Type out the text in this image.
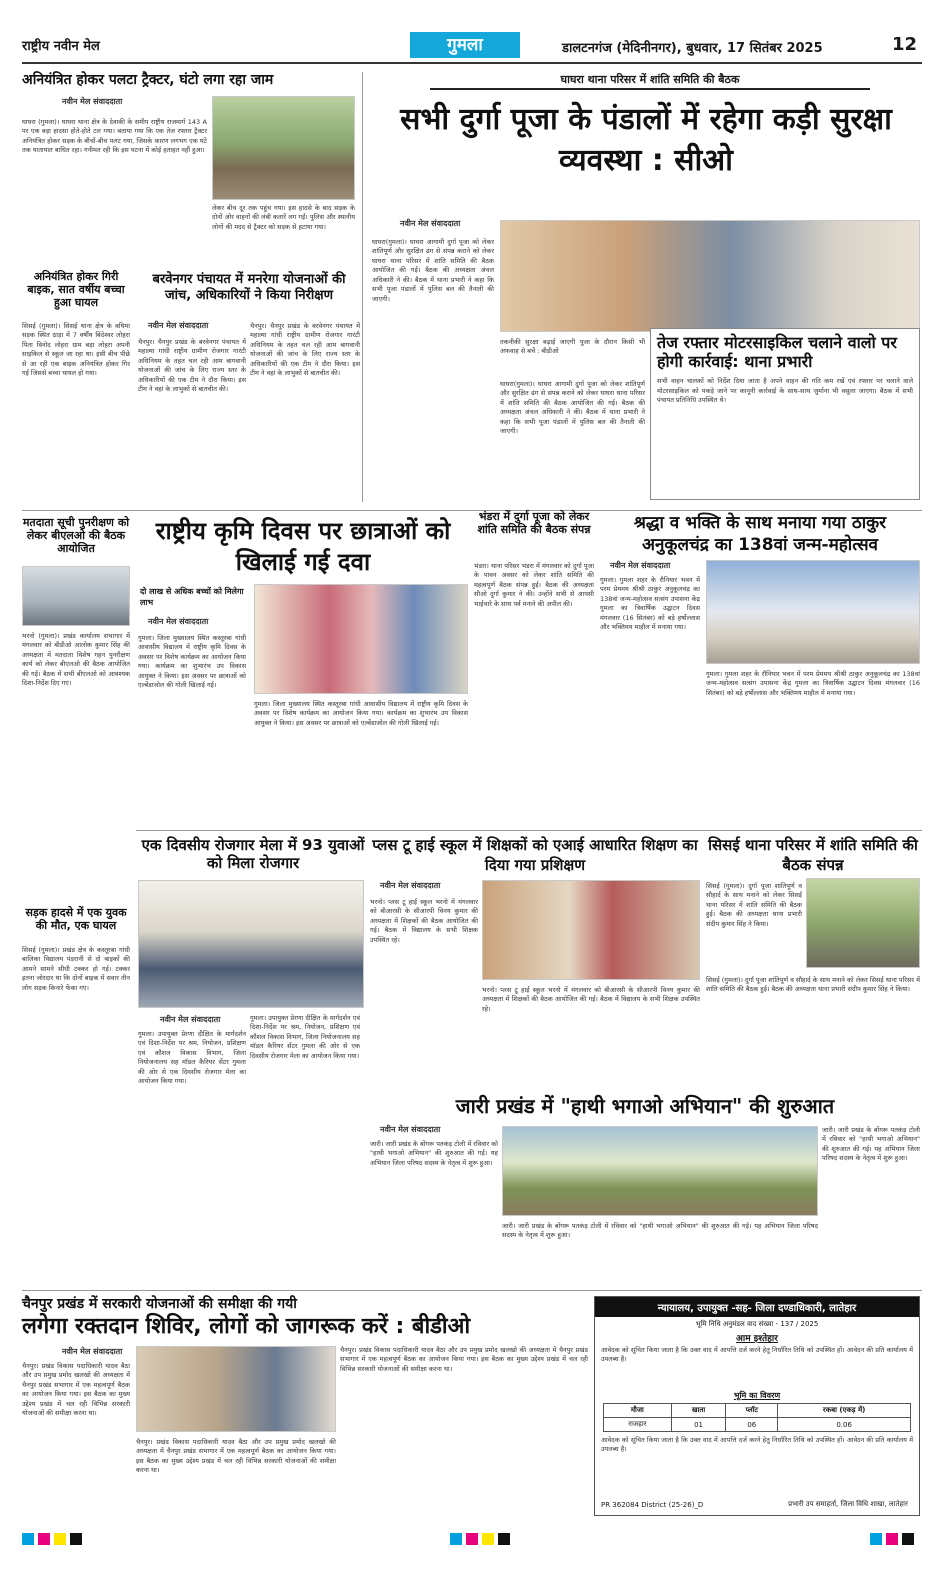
राष्ट्रीय नवीन मेल	गुमला	डालटनगंज (मेदिनीनगर), बुधवार, 17 सितंबर 2025	12
अनियंत्रित होकर पलटा ट्रैक्टर, घंटो लगा रहा जाम
नवीन मेल संवाददाता
घाघरा (गुमला)। घाघरा थाना क्षेत्र के देवाकी के समीप राष्ट्रीय राजमार्ग 143 A पर एक बड़ा हादसा होते-होते टल गया। बताया गया कि एक तेज रफ्तार ट्रैक्टर अनियंत्रित होकर सड़क के बीचों-बीच पलट गया, जिसके कारण लगभग एक घंटे तक यातायात बाधित रहा। गनीमत रही कि इस घटना में कोई हताहत नहीं हुआ।
लेकर बीच दूर तक पहुंच गया। इस हादसे के बाद सड़क के दोनों ओर वाहनों की लंबी कतारें लग गईं। पुलिस और स्थानीय लोगों की मदद से ट्रैक्टर को सड़क से हटाया गया।
घाघरा थाना परिसर में शांति समिति की बैठक
सभी दुर्गा पूजा के पंडालों में रहेगा कड़ी सुरक्षा व्यवस्था : सीओ
नवीन मेल संवाददाता
घाघरा(गुमला)। घाघरा आगामी दुर्गा पूजा को लेकर शांतिपूर्ण और सुरक्षित ढंग से संपन्न कराने को लेकर घाघरा थाना परिसर में शांति समिति की बैठक आयोजित की गई। बैठक की अध्यक्षता अंचल अधिकारी ने की। बैठक में थाना प्रभारी ने कहा कि सभी पूजा पंडालों में पुलिस बल की तैनाती की जाएगी।
तकनीकी सुरक्षा बढ़ाई जाएगी पूजा के दौरान किसी भी अफवाह से बचें : बीडीओ
घाघरा(गुमला)। घाघरा आगामी दुर्गा पूजा को लेकर शांतिपूर्ण और सुरक्षित ढंग से संपन्न कराने को लेकर घाघरा थाना परिसर में शांति समिति की बैठक आयोजित की गई। बैठक की अध्यक्षता अंचल अधिकारी ने की। बैठक में थाना प्रभारी ने कहा कि सभी पूजा पंडालों में पुलिस बल की तैनाती की जाएगी।
तेज रफ्तार मोटरसाइकिल चलाने वालो पर होगी कार्रवाई: थाना प्रभारी
सभी वाहन चालकों को निर्देश दिया जाता है अपने वाहन की गति कम रखें एवं रफ्तार पर चलाने वाले मोटरसाइकिल को पकड़े जाने पर कानूनी कार्रवाई के साथ-साथ जुर्माना भी वसूला जाएगा। बैठक में सभी पंचायत प्रतिनिधि उपस्थित थे।
अनियंत्रित होकर गिरी बाइक, सात वर्षीय बच्चा हुआ घायल
सिसई (गुमला)। सिसई थाना क्षेत्र के बघिमा सड़क स्थित ठाड़ा में 7 वर्षीय बिंदेश्वर लोहरा पिता विनोद लोहरा ग्राम बड़ा लोहरा अपनी साइकिल से स्कूल जा रहा था। इसी बीच पीछे से आ रही एक बाइक अनियंत्रित होकर गिर गई जिससे बच्चा घायल हो गया।
बरवेनगर पंचायत में मनरेगा योजनाओं की जांच, अधिकारियों ने किया निरीक्षण
नवीन मेल संवाददाता
चैनपुर। चैनपुर प्रखंड के बरवेनगर पंचायत में महात्मा गांधी राष्ट्रीय ग्रामीण रोजगार गारंटी अधिनियम के तहत चल रही आम बागवानी योजनाओं की जांच के लिए राज्य स्तर के अधिकारियों की एक टीम ने दौरा किया। इस टीम ने वहां के लाभुकों से बातचीत की।
चैनपुर। चैनपुर प्रखंड के बरवेनगर पंचायत में महात्मा गांधी राष्ट्रीय ग्रामीण रोजगार गारंटी अधिनियम के तहत चल रही आम बागवानी योजनाओं की जांच के लिए राज्य स्तर के अधिकारियों की एक टीम ने दौरा किया। इस टीम ने वहां के लाभुकों से बातचीत की।
मतदाता सूची पुनरीक्षण को लेकर बीएलओ की बैठक आयोजित
भरनो (गुमला)। प्रखंड कार्यालय सभागार में मंगलवार को बीडीओ आलोक कुमार सिंह की अध्यक्षता में मतदाता विशेष गहन पुनरीक्षण कार्य को लेकर बीएलओ की बैठक आयोजित की गई। बैठक में सभी बीएलओ को आवश्यक दिशा-निर्देश दिए गए।
राष्ट्रीय कृमि दिवस पर छात्राओं को खिलाई गई दवा
दो लाख से अधिक बच्चों को मिलेगा लाभ
नवीन मेल संवाददाता
गुमला। जिला मुख्यालय स्थित कस्तूरबा गांधी आवासीय विद्यालय में राष्ट्रीय कृमि दिवस के अवसर पर विशेष कार्यक्रम का आयोजन किया गया। कार्यक्रम का शुभारंभ उप विकास आयुक्त ने किया। इस अवसर पर छात्राओं को एल्बेंडाजोल की गोली खिलाई गई।
गुमला। जिला मुख्यालय स्थित कस्तूरबा गांधी आवासीय विद्यालय में राष्ट्रीय कृमि दिवस के अवसर पर विशेष कार्यक्रम का आयोजन किया गया। कार्यक्रम का शुभारंभ उप विकास आयुक्त ने किया। इस अवसर पर छात्राओं को एल्बेंडाजोल की गोली खिलाई गई।
भंडरा में दुर्गा पूजा को लेकर शांति समिति की बैठक संपन्न
भंडरा। थाना परिसर भंडरा में मंगलवार को दुर्गा पूजा के पावन अवसर को लेकर शांति समिति की महत्वपूर्ण बैठक संपन्न हुई। बैठक की अध्यक्षता सीओ दुर्गा कुमार ने की। उन्होंने सभी से आपसी भाईचारे के साथ पर्व मनाने की अपील की।
श्रद्धा व भक्ति के साथ मनाया गया ठाकुर अनुकूलचंद्र का 138वां जन्म-महोत्सव
नवीन मेल संवाददाता
गुमला। गुमला शहर के रौनियार भवन में परम प्रेममय श्रीश्री ठाकुर अनुकूलचंद्र का 138वां जन्म-महोत्सव सत्संग उपासना केंद्र गुमला का त्रिवार्षिक उद्घाटन दिवस मंगलवार (16 सितंबर) को बड़े हर्षोल्लास और भक्तिमय माहौल में मनाया गया।
गुमला। गुमला शहर के रौनियार भवन में परम प्रेममय श्रीश्री ठाकुर अनुकूलचंद्र का 138वां जन्म-महोत्सव सत्संग उपासना केंद्र गुमला का त्रिवार्षिक उद्घाटन दिवस मंगलवार (16 सितंबर) को बड़े हर्षोल्लास और भक्तिमय माहौल में मनाया गया।
एक दिवसीय रोजगार मेला में 93 युवाओं को मिला रोजगार
नवीन मेल संवाददाता
गुमला। उपायुक्त प्रेरणा दीक्षित के मार्गदर्शन एवं दिशा-निर्देश पर श्रम, नियोजन, प्रशिक्षण एवं कौशल विकास विभाग, जिला नियोजनालय सह मॉडल कैरियर सेंटर गुमला की ओर से एक दिवसीय रोजगार मेला का आयोजन किया गया।
गुमला। उपायुक्त प्रेरणा दीक्षित के मार्गदर्शन एवं दिशा-निर्देश पर श्रम, नियोजन, प्रशिक्षण एवं कौशल विकास विभाग, जिला नियोजनालय सह मॉडल कैरियर सेंटर गुमला की ओर से एक दिवसीय रोजगार मेला का आयोजन किया गया।
प्लस टू हाई स्कूल में शिक्षकों को एआई आधारित शिक्षण का दिया गया प्रशिक्षण
नवीन मेल संवाददाता
भरनो। प्लस टू हाई स्कूल भरनो में मंगलवार को बीआरसी के सीआरपी विनय कुमार की अध्यक्षता में शिक्षकों की बैठक आयोजित की गई। बैठक में विद्यालय के सभी शिक्षक उपस्थित रहे।
भरनो। प्लस टू हाई स्कूल भरनो में मंगलवार को बीआरसी के सीआरपी विनय कुमार की अध्यक्षता में शिक्षकों की बैठक आयोजित की गई। बैठक में विद्यालय के सभी शिक्षक उपस्थित रहे।
सिसई थाना परिसर में शांति समिति की बैठक संपन्न
सिसई (गुमला)। दुर्गा पूजा शांतिपूर्ण व सौहार्द के साथ मनाने को लेकर सिसई थाना परिसर में शांति समिति की बैठक हुई। बैठक की अध्यक्षता थाना प्रभारी संदीप कुमार सिंह ने किया।
सिसई (गुमला)। दुर्गा पूजा शांतिपूर्ण व सौहार्द के साथ मनाने को लेकर सिसई थाना परिसर में शांति समिति की बैठक हुई। बैठक की अध्यक्षता थाना प्रभारी संदीप कुमार सिंह ने किया।
सड़क हादसे में एक युवक की मौत, एक घायल
सिसई (गुमला)। प्रखंड क्षेत्र के कस्तूरबा गांधी बालिका विद्यालय पंडरानी से दो बाइकों की आमने सामने सीधी टक्कर हो गई। टक्कर इतना जोरदार था कि दोनों बाइक में सवार तीन लोग सड़क किनारे फेंका गए।
जारी प्रखंड में "हाथी भगाओ अभियान" की शुरुआत
नवीन मेल संवाददाता
जारी। जारी प्रखंड के बोंगरू पतकंड़ टोली में रविवार को "हाथी भगाओ अभियान" की शुरुआत की गई। यह अभियान जिला परिषद सदस्य के नेतृत्व में शुरू हुआ।
जारी। जारी प्रखंड के बोंगरू पतकंड़ टोली में रविवार को "हाथी भगाओ अभियान" की शुरुआत की गई। यह अभियान जिला परिषद सदस्य के नेतृत्व में शुरू हुआ।
जारी। जारी प्रखंड के बोंगरू पतकंड़ टोली में रविवार को "हाथी भगाओ अभियान" की शुरुआत की गई। यह अभियान जिला परिषद सदस्य के नेतृत्व में शुरू हुआ।
चैनपुर प्रखंड में सरकारी योजनाओं की समीक्षा की गयी
लगेगा रक्तदान शिविर, लोगों को जागरूक करें : बीडीओ
नवीन मेल संवाददाता
चैनपुर। प्रखंड विकास पदाधिकारी यादव बैठा और उप प्रमुख प्रमोद खलखो की अध्यक्षता में चैनपुर प्रखंड सभागार में एक महत्वपूर्ण बैठक का आयोजन किया गया। इस बैठक का मुख्य उद्देश्य प्रखंड में चल रही विभिन्न सरकारी योजनाओं की समीक्षा करना था।
चैनपुर। प्रखंड विकास पदाधिकारी यादव बैठा और उप प्रमुख प्रमोद खलखो की अध्यक्षता में चैनपुर प्रखंड सभागार में एक महत्वपूर्ण बैठक का आयोजन किया गया। इस बैठक का मुख्य उद्देश्य प्रखंड में चल रही विभिन्न सरकारी योजनाओं की समीक्षा करना था।
चैनपुर। प्रखंड विकास पदाधिकारी यादव बैठा और उप प्रमुख प्रमोद खलखो की अध्यक्षता में चैनपुर प्रखंड सभागार में एक महत्वपूर्ण बैठक का आयोजन किया गया। इस बैठक का मुख्य उद्देश्य प्रखंड में चल रही विभिन्न सरकारी योजनाओं की समीक्षा करना था।
न्यायालय, उपायुक्त -सह- जिला दण्डाधिकारी, लातेहार
भूमि निधि अनुमंडल वाद संख्या - 137 / 2025
आम इश्तेहार
आवेदक को सूचित किया जाता है कि उक्त वाद में आपत्ति दर्ज करने हेतु निर्धारित तिथि को उपस्थित हों। आवेदन की प्रति कार्यालय में उपलब्ध है।
भूमि का विवरण
मौजा	खाता	प्लॉट	रकबा (एकड़ में)
राजहार	01	06	0.06
आवेदक को सूचित किया जाता है कि उक्त वाद में आपत्ति दर्ज करने हेतु निर्धारित तिथि को उपस्थित हों। आवेदन की प्रति कार्यालय में उपलब्ध है।
प्रभारी उप समाहर्ता, जिला विधि शाखा, लातेहार
PR 362084 District (25-26)_D
